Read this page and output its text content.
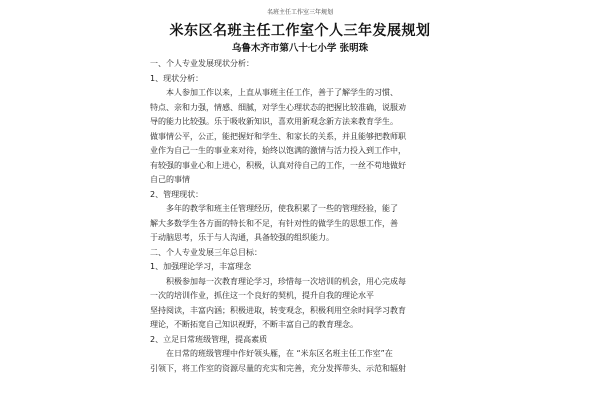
名班主任工作室三年规划
米东区名班主任工作室个人三年发展规划
乌鲁木齐市第八十七小学 张明珠
一、个人专业发展现状分析：
1、现状分析：
本人参加工作以来，上直从事班主任工作，善于了解学生的习惯、
特点、亲和力强，情感、细腻，对学生心理状态的把握比较准确，说服劝
导的能力比较强。乐于吸收新知识，喜欢用新观念新方法来教育学生。
做事情公平，公正，能把握好和学生、和家长的关系，并且能够把教师职
业作为自己一生的事业来对待，始终以饱满的激情与活力投入到工作中，
有较强的事业心和上进心，积极，认真对待自己的工作，一丝不苟地做好
自己的事情
2、管理现状：
多年的教学和班主任管理经历，使我积累了一些的管理经验，能了
解大多数学生各方面的特长和不足，有针对性的做学生的思想工作，善
于动脑思考，乐于与人沟通，具备较强的组织能力。
二、个人专业发展三年总目标：
1、加强理论学习，丰富理念
积极参加每一次教育理论学习，珍惜每一次培训的机会，用心完成每
一次的培训作业，抓住这一个良好的契机，提升自我的理论水平
坚持阅读，丰富内涵；积极进取，转变观念，积极利用空余时间学习教育
理论，不断拓宽自己知识视野，不断丰富自己的教育理念。
2、立足日常班级管理，提高素质
在日常的班级管理中作好领头雁，在 “米东区名班主任工作室”在
引领下，将工作室的资源尽量的充实和完善，充分发挥带头、示范和辐射
